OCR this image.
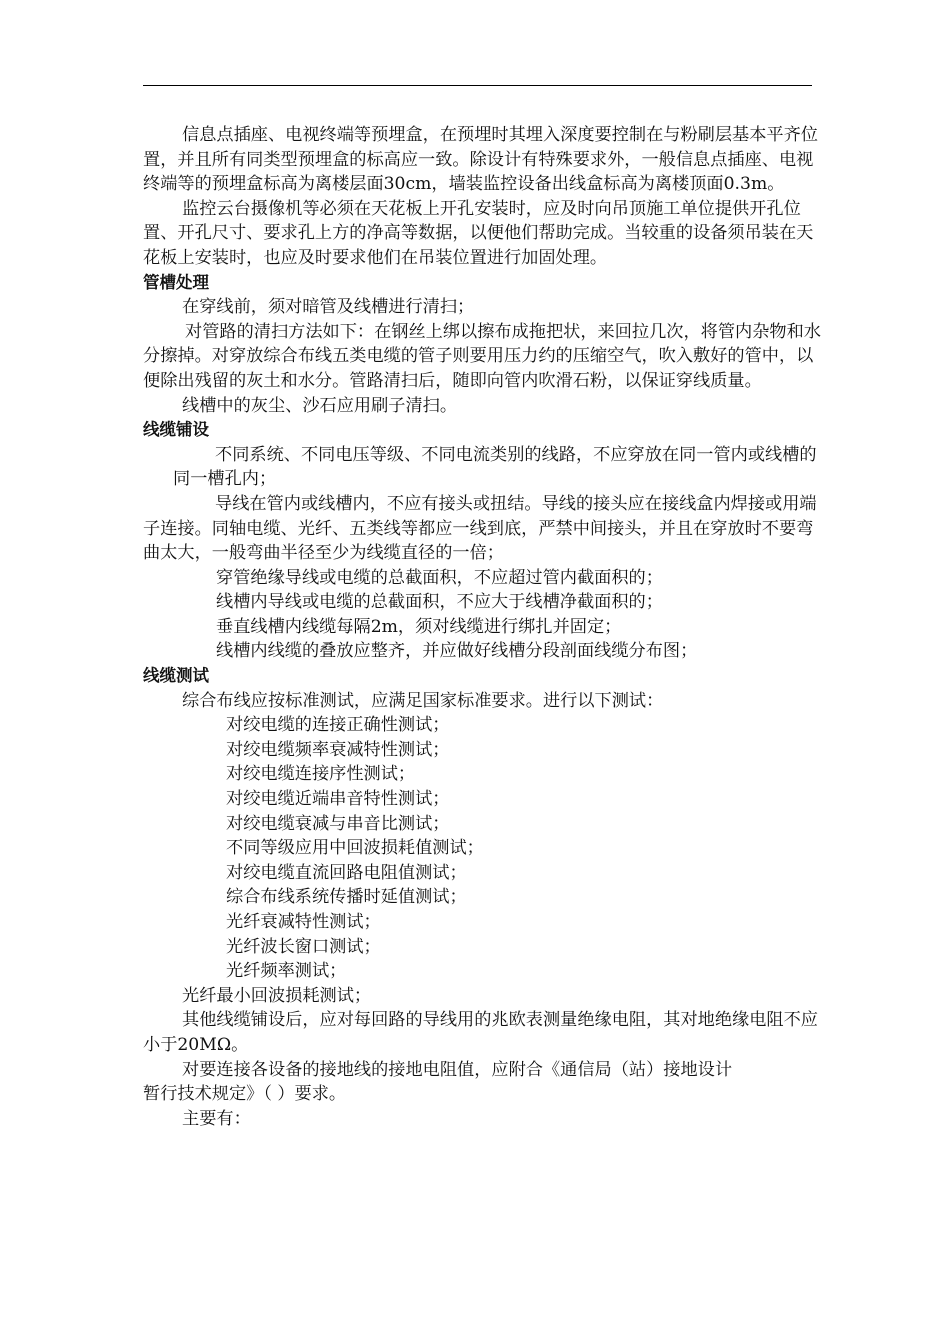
信息点插座、电视终端等预埋盒，在预埋时其埋入深度要控制在与粉刷层基本平齐位置，并且所有同类型预埋盒的标高应一致。除设计有特殊要求外，一般信息点插座、电视终端等的预埋盒标高为离楼层面30cm，墙装监控设备出线盒标高为离楼顶面0.3m。

监控云台摄像机等必须在天花板上开孔安装时，应及时向吊顶施工单位提供开孔位置、开孔尺寸、要求孔上方的净高等数据，以便他们帮助完成。当较重的设备须吊装在天花板上安装时，也应及时要求他们在吊装位置进行加固处理。

管槽处理

在穿线前，须对暗管及线槽进行清扫；

对管路的清扫方法如下：在钢丝上绑以擦布成拖把状，来回拉几次，将管内杂物和水分擦掉。对穿放综合布线五类电缆的管子则要用压力约的压缩空气，吹入敷好的管中，以便除出残留的灰土和水分。管路清扫后，随即向管内吹滑石粉，以保证穿线质量。

线槽中的灰尘、沙石应用刷子清扫。

线缆铺设

不同系统、不同电压等级、不同电流类别的线路，不应穿放在同一管内或线槽的同一槽孔内；

导线在管内或线槽内，不应有接头或扭结。导线的接头应在接线盒内焊接或用端子连接。同轴电缆、光纤、五类线等都应一线到底，严禁中间接头，并且在穿放时不要弯曲太大，一般弯曲半径至少为线缆直径的一倍；

穿管绝缘导线或电缆的总截面积，不应超过管内截面积的；

线槽内导线或电缆的总截面积，不应大于线槽净截面积的；

垂直线槽内线缆每隔2m，须对线缆进行绑扎并固定；

线槽内线缆的叠放应整齐，并应做好线槽分段剖面线缆分布图；

线缆测试

综合布线应按标准测试，应满足国家标准要求。进行以下测试：

对绞电缆的连接正确性测试；

对绞电缆频率衰减特性测试；

对绞电缆连接序性测试；

对绞电缆近端串音特性测试；

对绞电缆衰减与串音比测试；

不同等级应用中回波损耗值测试；

对绞电缆直流回路电阻值测试；

综合布线系统传播时延值测试；

光纤衰减特性测试；

光纤波长窗口测试；

光纤频率测试；

光纤最小回波损耗测试；

其他线缆铺设后，应对每回路的导线用的兆欧表测量绝缘电阻，其对地绝缘电阻不应小于20MΩ。

对要连接各设备的接地线的接地电阻值，应附合《通信局（站）接地设计

暂行技术规定》（ ）要求。

主要有：
